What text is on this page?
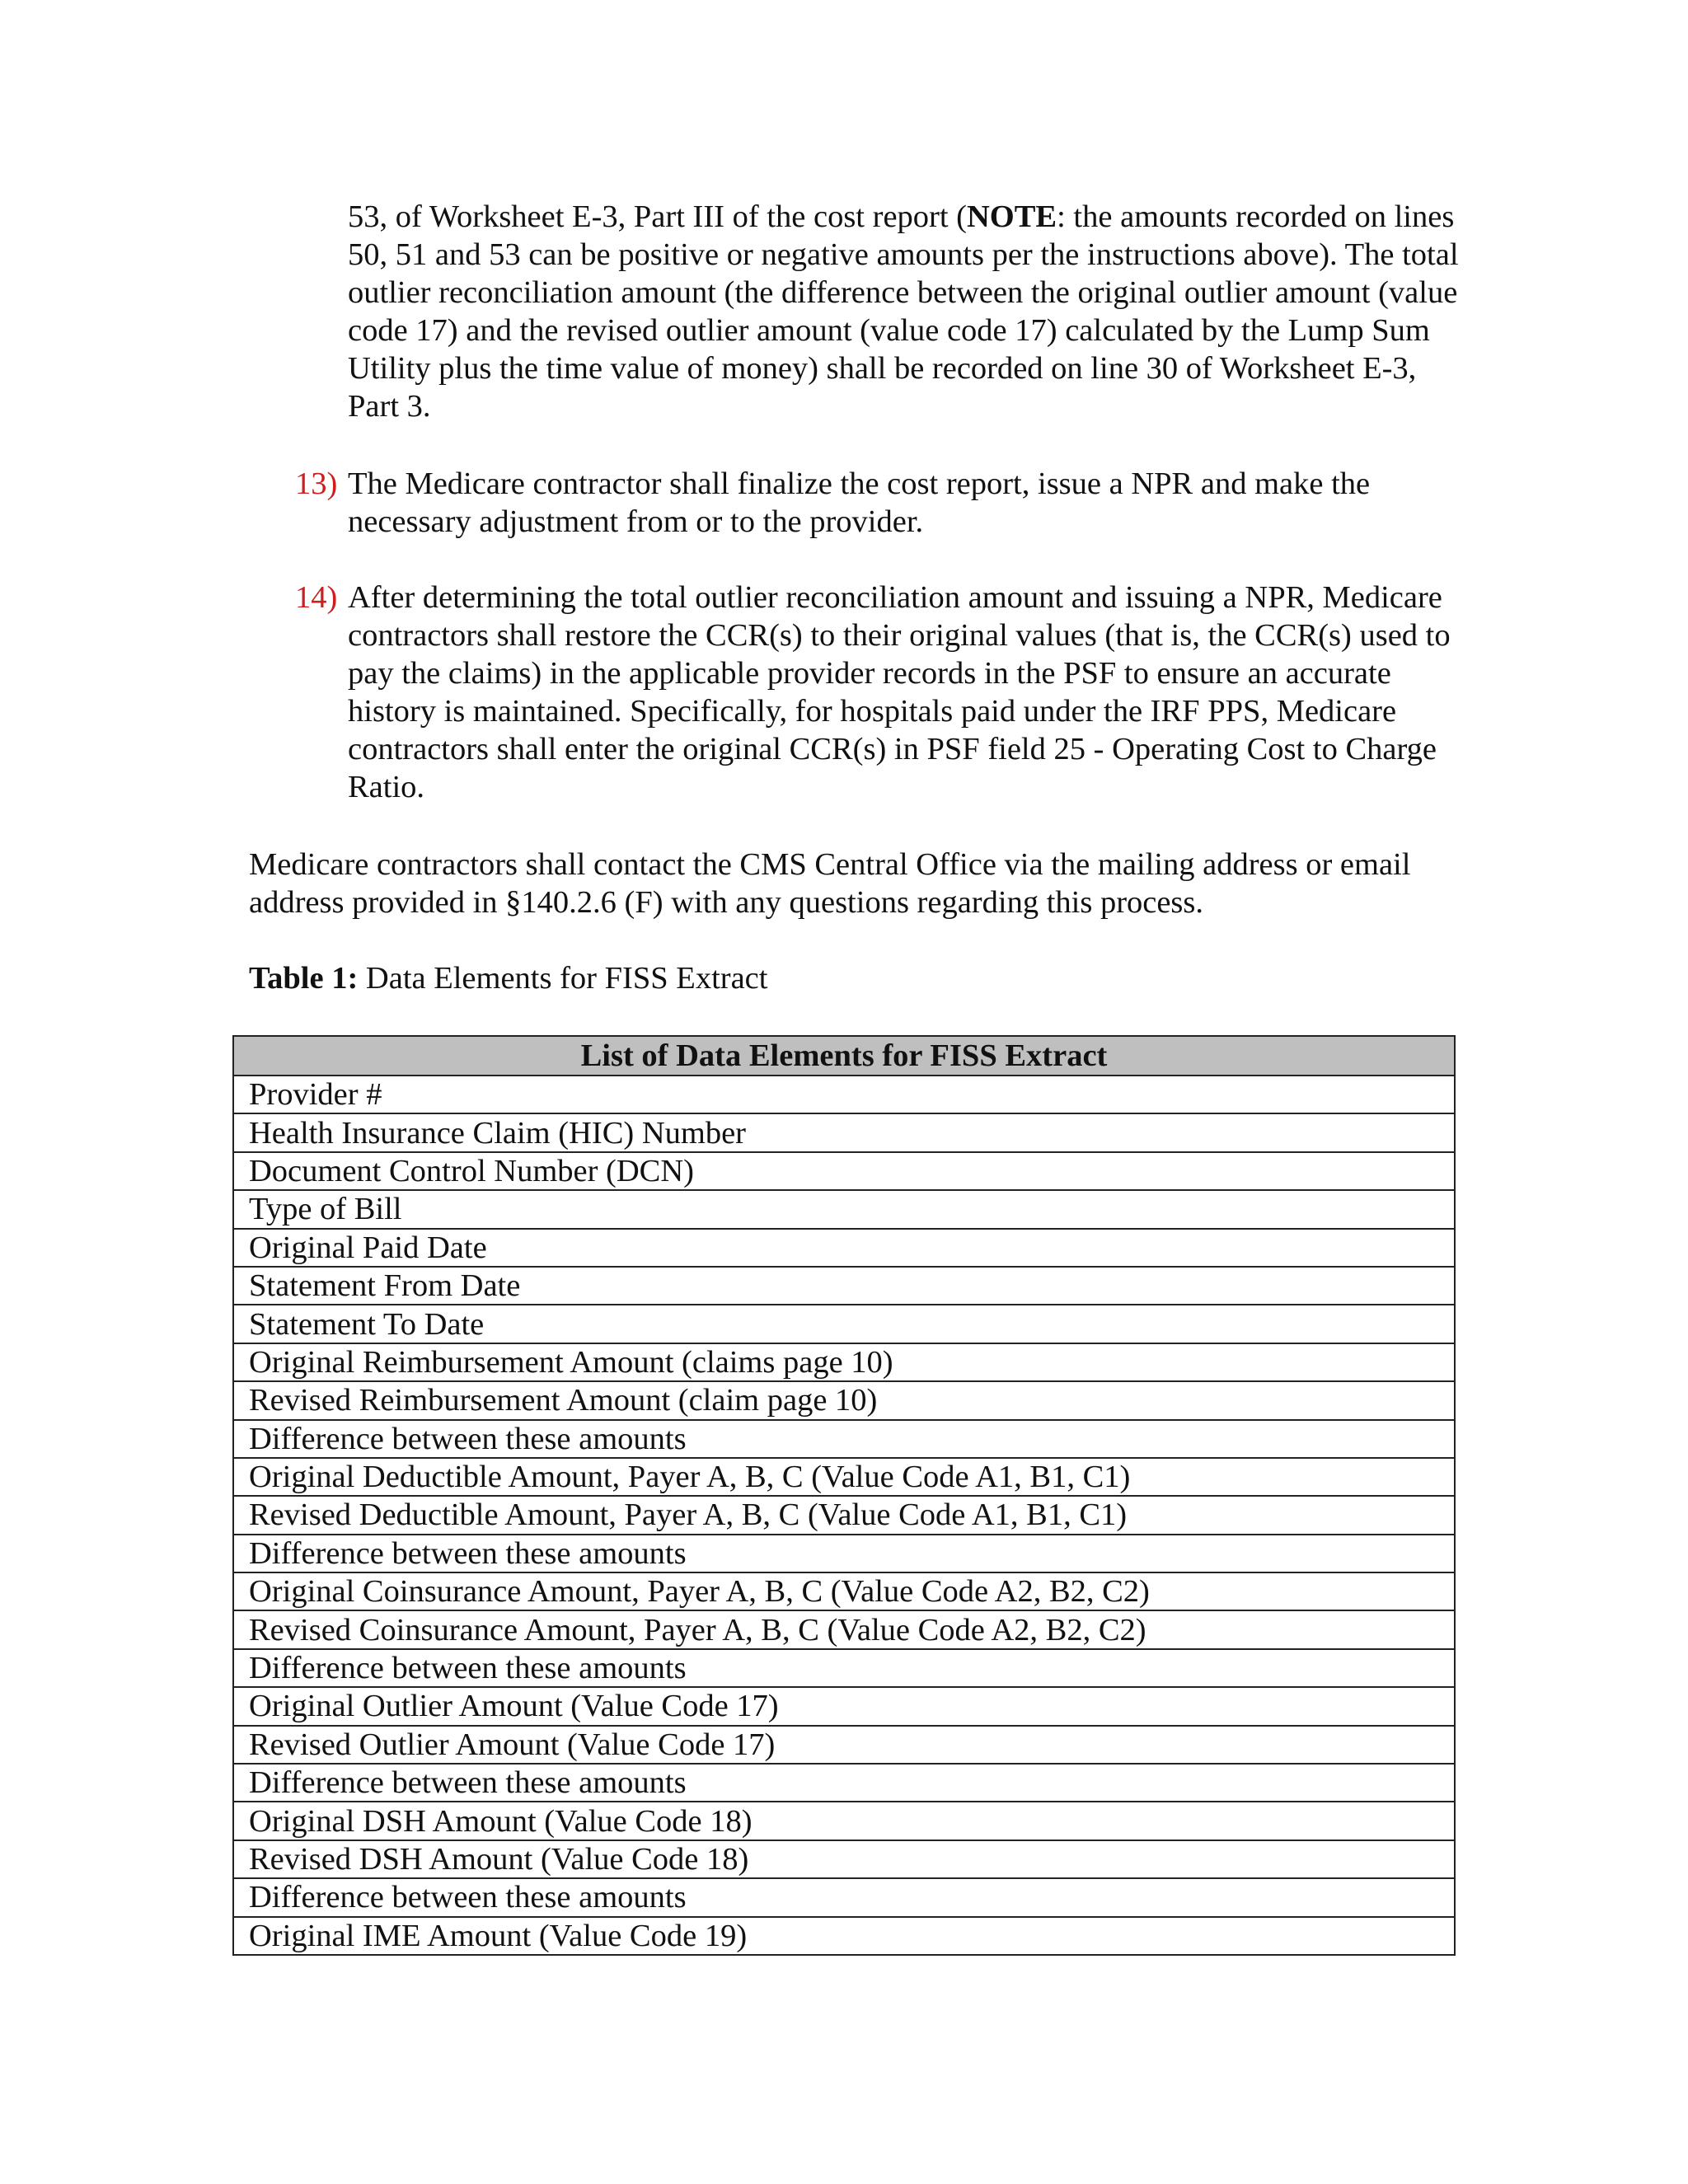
53, of Worksheet E-3, Part III of the cost report (NOTE: the amounts recorded on lines 50, 51 and 53 can be positive or negative amounts per the instructions above). The total outlier reconciliation amount (the difference between the original outlier amount (value code 17) and the revised outlier amount (value code 17) calculated by the Lump Sum Utility plus the time value of money) shall be recorded on line 30 of Worksheet E-3, Part 3.

13) The Medicare contractor shall finalize the cost report, issue a NPR and make the necessary adjustment from or to the provider.

14) After determining the total outlier reconciliation amount and issuing a NPR, Medicare contractors shall restore the CCR(s) to their original values (that is, the CCR(s) used to pay the claims) in the applicable provider records in the PSF to ensure an accurate history is maintained. Specifically, for hospitals paid under the IRF PPS, Medicare contractors shall enter the original CCR(s) in PSF field 25 - Operating Cost to Charge Ratio.

Medicare contractors shall contact the CMS Central Office via the mailing address or email address provided in §140.2.6 (F) with any questions regarding this process.

Table 1: Data Elements for FISS Extract

List of Data Elements for FISS Extract
Provider #
Health Insurance Claim (HIC) Number
Document Control Number (DCN)
Type of Bill
Original Paid Date
Statement From Date
Statement To Date
Original Reimbursement Amount (claims page 10)
Revised Reimbursement Amount (claim page 10)
Difference between these amounts
Original Deductible Amount, Payer A, B, C (Value Code A1, B1, C1)
Revised Deductible Amount, Payer A, B, C (Value Code A1, B1, C1)
Difference between these amounts
Original Coinsurance Amount, Payer A, B, C (Value Code A2, B2, C2)
Revised Coinsurance Amount, Payer A, B, C (Value Code A2, B2, C2)
Difference between these amounts
Original Outlier Amount (Value Code 17)
Revised Outlier Amount (Value Code 17)
Difference between these amounts
Original DSH Amount (Value Code 18)
Revised DSH Amount (Value Code 18)
Difference between these amounts
Original IME Amount (Value Code 19)
